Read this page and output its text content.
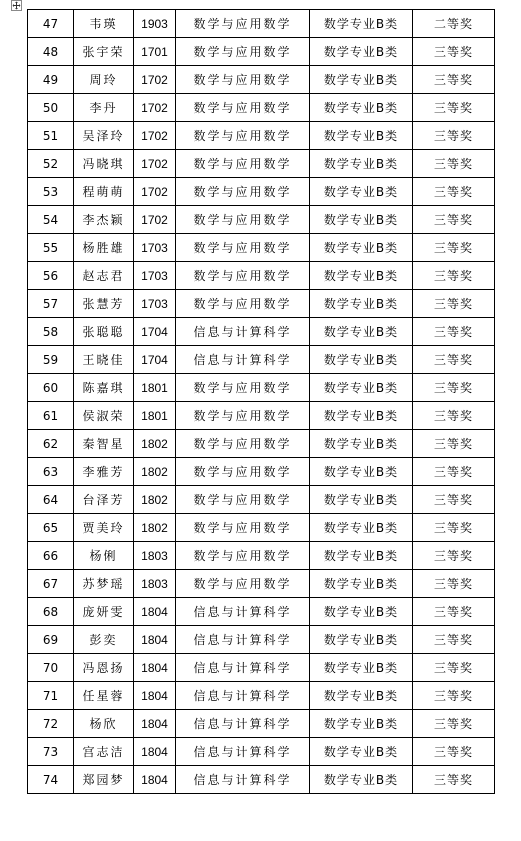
47	韦瑛	1903	数学与应用数学	数学专业B类	二等奖
48	张宇荣	1701	数学与应用数学	数学专业B类	三等奖
49	周玲	1702	数学与应用数学	数学专业B类	三等奖
50	李丹	1702	数学与应用数学	数学专业B类	三等奖
51	吴泽玲	1702	数学与应用数学	数学专业B类	三等奖
52	冯晓琪	1702	数学与应用数学	数学专业B类	三等奖
53	程萌萌	1702	数学与应用数学	数学专业B类	三等奖
54	李杰颖	1702	数学与应用数学	数学专业B类	三等奖
55	杨胜雄	1703	数学与应用数学	数学专业B类	三等奖
56	赵志君	1703	数学与应用数学	数学专业B类	三等奖
57	张慧芳	1703	数学与应用数学	数学专业B类	三等奖
58	张聪聪	1704	信息与计算科学	数学专业B类	三等奖
59	王晓佳	1704	信息与计算科学	数学专业B类	三等奖
60	陈嘉琪	1801	数学与应用数学	数学专业B类	三等奖
61	侯淑荣	1801	数学与应用数学	数学专业B类	三等奖
62	秦智星	1802	数学与应用数学	数学专业B类	三等奖
63	李雅芳	1802	数学与应用数学	数学专业B类	三等奖
64	台泽芳	1802	数学与应用数学	数学专业B类	三等奖
65	贾美玲	1802	数学与应用数学	数学专业B类	三等奖
66	杨俐	1803	数学与应用数学	数学专业B类	三等奖
67	苏梦瑶	1803	数学与应用数学	数学专业B类	三等奖
68	庞妍雯	1804	信息与计算科学	数学专业B类	三等奖
69	彭奕	1804	信息与计算科学	数学专业B类	三等奖
70	冯恩扬	1804	信息与计算科学	数学专业B类	三等奖
71	任星蓉	1804	信息与计算科学	数学专业B类	三等奖
72	杨欣	1804	信息与计算科学	数学专业B类	三等奖
73	宫志洁	1804	信息与计算科学	数学专业B类	三等奖
74	郑园梦	1804	信息与计算科学	数学专业B类	三等奖
